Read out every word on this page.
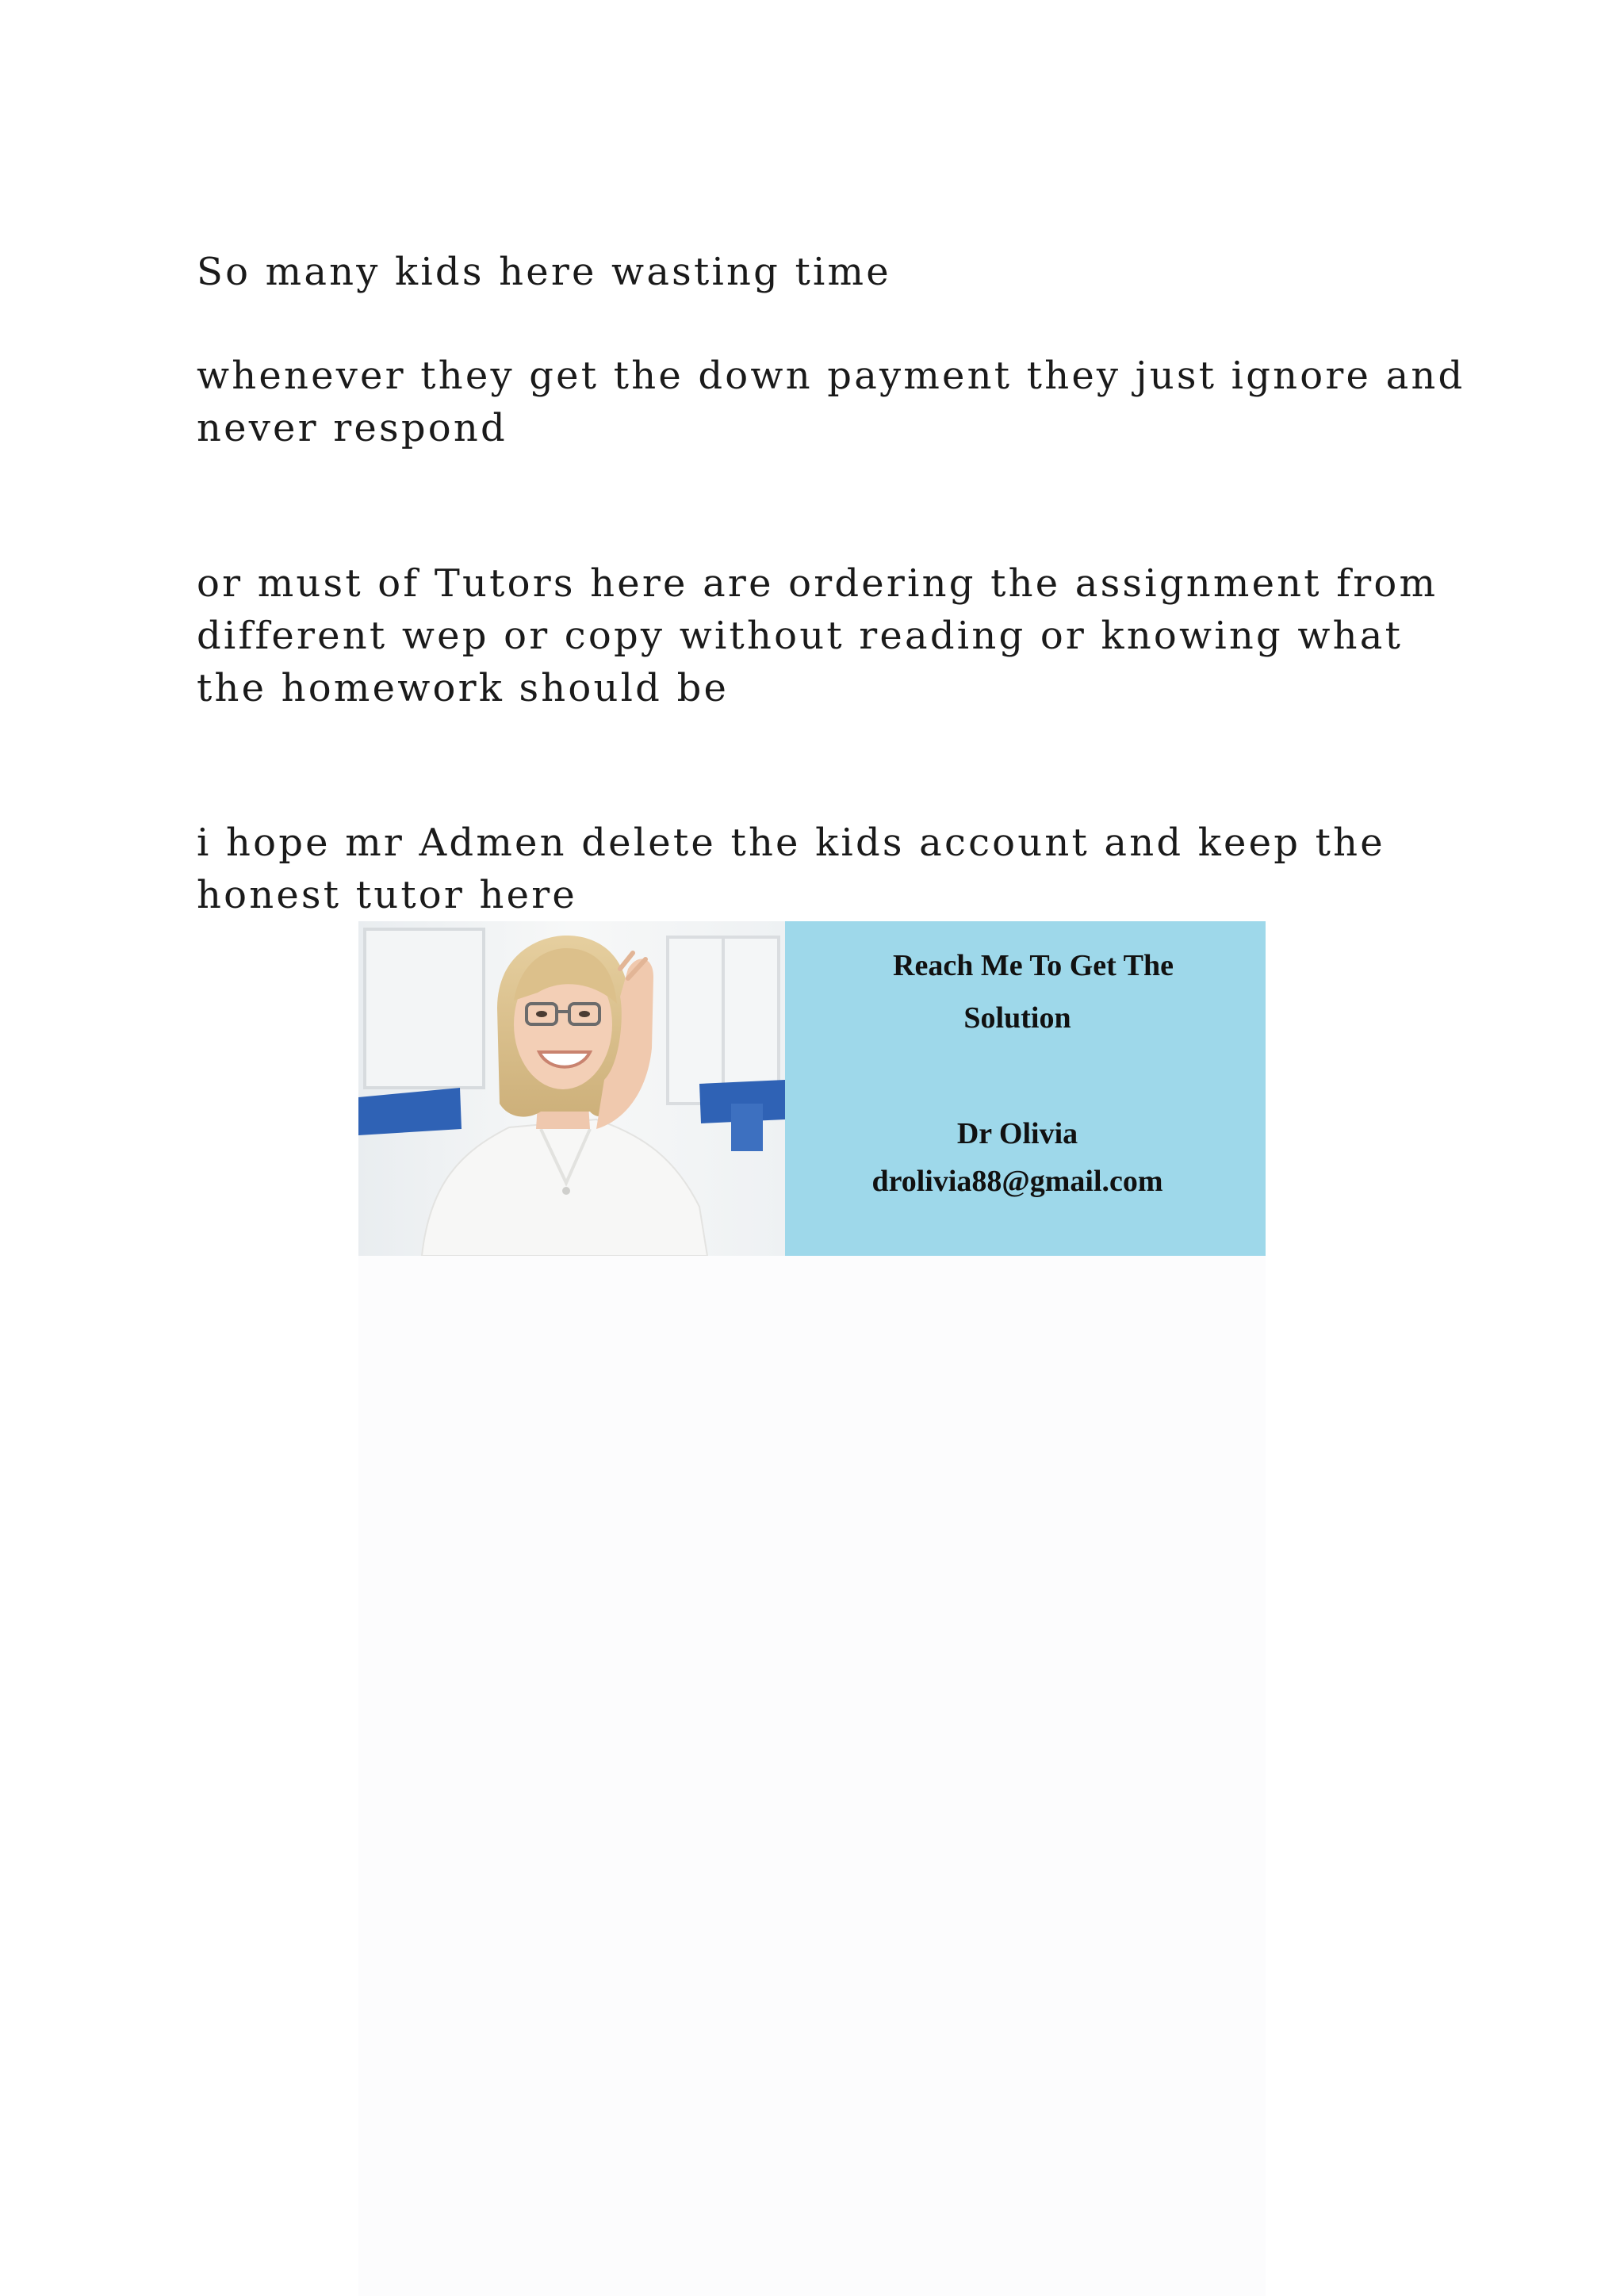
So many kids here wasting time

whenever they get the down payment they just ignore and never respond

or must of Tutors here are ordering the assignment from different wep or copy without reading or knowing what the homework should be

i hope mr Admen delete the kids account and keep the honest tutor here

Reach Me To Get The

Solution

Dr Olivia

drolivia88@gmail.com
